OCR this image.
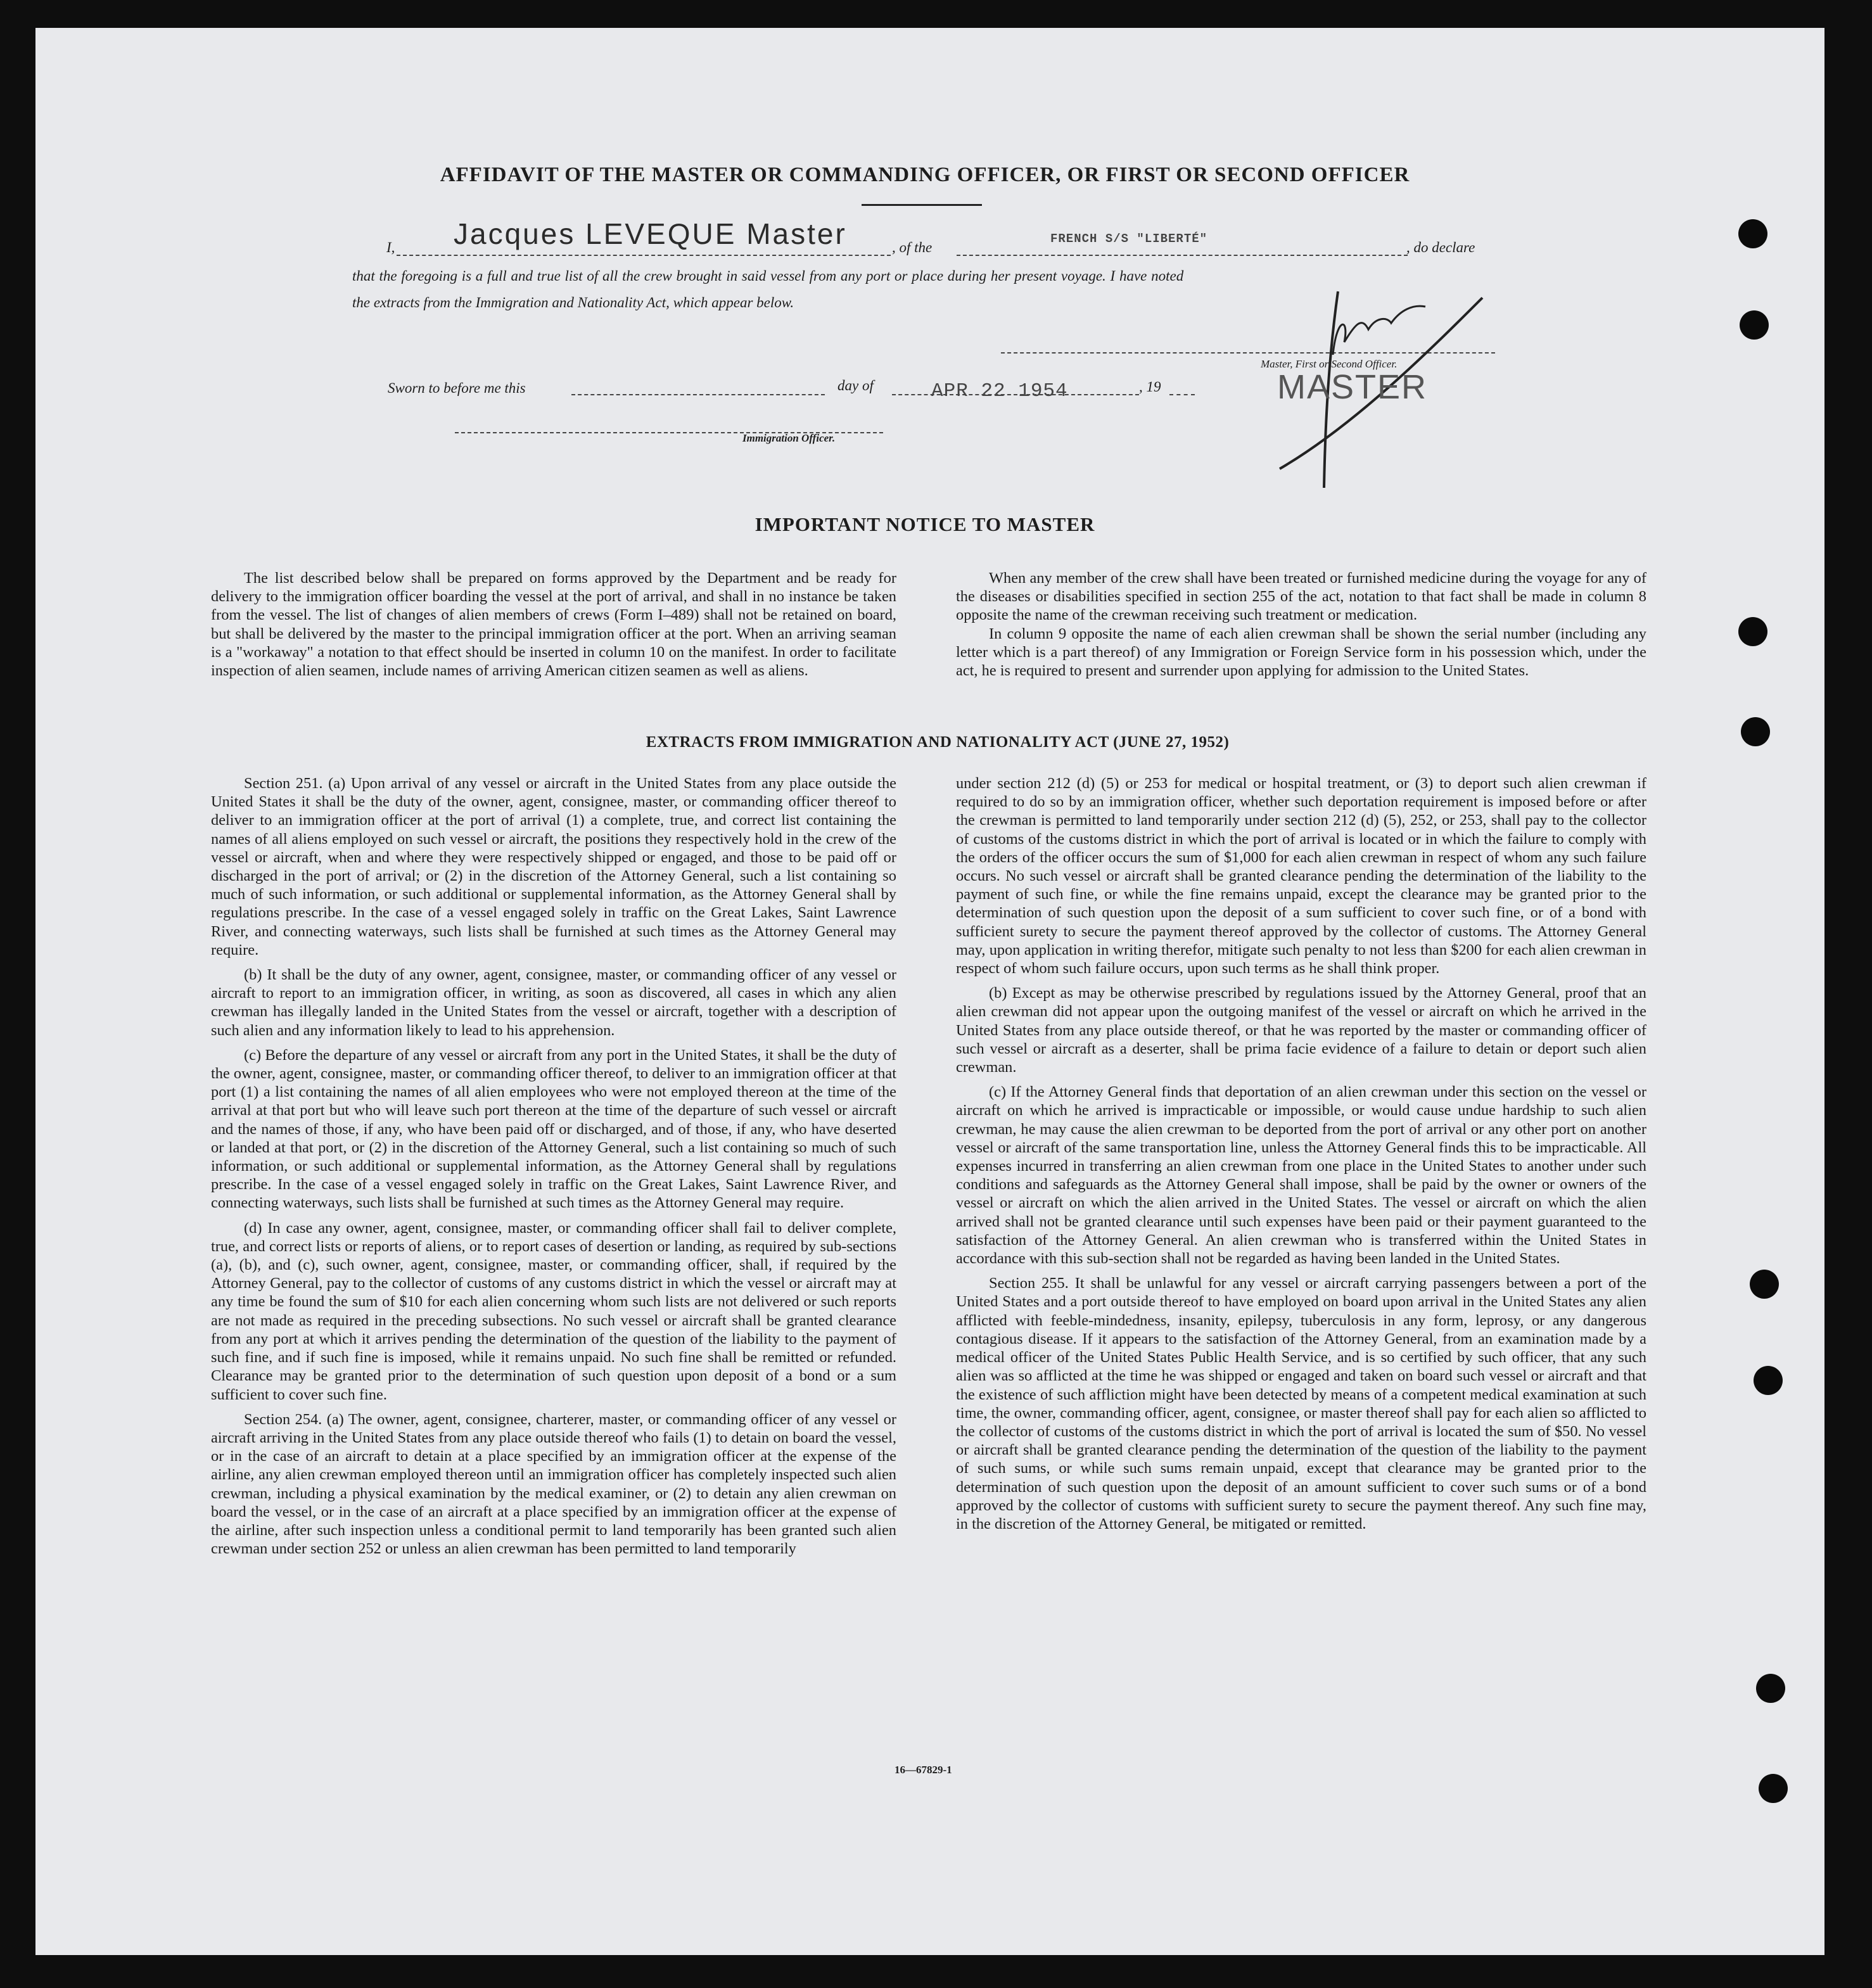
AFFIDAVIT OF THE MASTER OR COMMANDING OFFICER, OR FIRST OR SECOND OFFICER
I, Jacques LEVEQUE Master	, of the
FRENCH S/S "LIBERTÉ"
, do declare
that the foregoing is a full and true list of all the crew brought in said vessel from any port or place during her present voyage. I have noted
the extracts from the Immigration and Nationality Act, which appear below.
Master, First or Second Officer.
MASTER
Sworn to before me this	day of	APR 22 1954	, 19
Immigration Officer.
IMPORTANT NOTICE TO MASTER

The list described below shall be prepared on forms approved by the Department and be ready for delivery to the immigration officer boarding the vessel at the port of arrival, and shall in no instance be taken from the vessel. The list of changes of alien members of crews (Form I–489) shall not be retained on board, but shall be delivered by the master to the principal immigration officer at the port. When an arriving seaman is a "workaway" a notation to that effect should be inserted in column 10 on the manifest. In order to facilitate inspection of alien seamen, include names of arriving American citizen seamen as well as aliens.

When any member of the crew shall have been treated or furnished medicine during the voyage for any of the diseases or disabilities specified in section 255 of the act, notation to that fact shall be made in column 8 opposite the name of the crewman receiving such treatment or medication.

In column 9 opposite the name of each alien crewman shall be shown the serial number (including any letter which is a part thereof) of any Immigration or Foreign Service form in his possession which, under the act, he is required to present and surrender upon applying for admission to the United States.

EXTRACTS FROM IMMIGRATION AND NATIONALITY ACT (JUNE 27, 1952)

Section 251. (a) Upon arrival of any vessel or aircraft in the United States from any place outside the United States it shall be the duty of the owner, agent, consignee, master, or commanding officer thereof to deliver to an immigration officer at the port of arrival (1) a complete, true, and correct list containing the names of all aliens employed on such vessel or aircraft, the positions they respectively hold in the crew of the vessel or aircraft, when and where they were respectively shipped or engaged, and those to be paid off or discharged in the port of arrival; or (2) in the discretion of the Attorney General, such a list containing so much of such information, or such additional or supplemental information, as the Attorney General shall by regulations prescribe. In the case of a vessel engaged solely in traffic on the Great Lakes, Saint Lawrence River, and connecting waterways, such lists shall be furnished at such times as the Attorney General may require.

(b) It shall be the duty of any owner, agent, consignee, master, or commanding officer of any vessel or aircraft to report to an immigration officer, in writing, as soon as discovered, all cases in which any alien crewman has illegally landed in the United States from the vessel or aircraft, together with a description of such alien and any information likely to lead to his apprehension.

(c) Before the departure of any vessel or aircraft from any port in the United States, it shall be the duty of the owner, agent, consignee, master, or commanding officer thereof, to deliver to an immigration officer at that port (1) a list containing the names of all alien employees who were not employed thereon at the time of the arrival at that port but who will leave such port thereon at the time of the departure of such vessel or aircraft and the names of those, if any, who have been paid off or discharged, and of those, if any, who have deserted or landed at that port, or (2) in the discretion of the Attorney General, such a list containing so much of such information, or such additional or supplemental information, as the Attorney General shall by regulations prescribe. In the case of a vessel engaged solely in traffic on the Great Lakes, Saint Lawrence River, and connecting waterways, such lists shall be furnished at such times as the Attorney General may require.

(d) In case any owner, agent, consignee, master, or commanding officer shall fail to deliver complete, true, and correct lists or reports of aliens, or to report cases of desertion or landing, as required by sub-sections (a), (b), and (c), such owner, agent, consignee, master, or commanding officer, shall, if required by the Attorney General, pay to the collector of customs of any customs district in which the vessel or aircraft may at any time be found the sum of $10 for each alien concerning whom such lists are not delivered or such reports are not made as required in the preceding subsections. No such vessel or aircraft shall be granted clearance from any port at which it arrives pending the determination of the question of the liability to the payment of such fine, and if such fine is imposed, while it remains unpaid. No such fine shall be remitted or refunded. Clearance may be granted prior to the determination of such question upon deposit of a bond or a sum sufficient to cover such fine.

Section 254. (a) The owner, agent, consignee, charterer, master, or commanding officer of any vessel or aircraft arriving in the United States from any place outside thereof who fails (1) to detain on board the vessel, or in the case of an aircraft to detain at a place specified by an immigration officer at the expense of the airline, any alien crewman employed thereon until an immigration officer has completely inspected such alien crewman, including a physical examination by the medical examiner, or (2) to detain any alien crewman on board the vessel, or in the case of an aircraft at a place specified by an immigration officer at the expense of the airline, after such inspection unless a conditional permit to land temporarily has been granted such alien crewman under section 252 or unless an alien crewman has been permitted to land temporarily

under section 212 (d) (5) or 253 for medical or hospital treatment, or (3) to deport such alien crewman if required to do so by an immigration officer, whether such deportation requirement is imposed before or after the crewman is permitted to land temporarily under section 212 (d) (5), 252, or 253, shall pay to the collector of customs of the customs district in which the port of arrival is located or in which the failure to comply with the orders of the officer occurs the sum of $1,000 for each alien crewman in respect of whom any such failure occurs. No such vessel or aircraft shall be granted clearance pending the determination of the liability to the payment of such fine, or while the fine remains unpaid, except the clearance may be granted prior to the determination of such question upon the deposit of a sum sufficient to cover such fine, or of a bond with sufficient surety to secure the payment thereof approved by the collector of customs. The Attorney General may, upon application in writing therefor, mitigate such penalty to not less than $200 for each alien crewman in respect of whom such failure occurs, upon such terms as he shall think proper.

(b) Except as may be otherwise prescribed by regulations issued by the Attorney General, proof that an alien crewman did not appear upon the outgoing manifest of the vessel or aircraft on which he arrived in the United States from any place outside thereof, or that he was reported by the master or commanding officer of such vessel or aircraft as a deserter, shall be prima facie evidence of a failure to detain or deport such alien crewman.

(c) If the Attorney General finds that deportation of an alien crewman under this section on the vessel or aircraft on which he arrived is impracticable or impossible, or would cause undue hardship to such alien crewman, he may cause the alien crewman to be deported from the port of arrival or any other port on another vessel or aircraft of the same transportation line, unless the Attorney General finds this to be impracticable. All expenses incurred in transferring an alien crewman from one place in the United States to another under such conditions and safeguards as the Attorney General shall impose, shall be paid by the owner or owners of the vessel or aircraft on which the alien arrived in the United States. The vessel or aircraft on which the alien arrived shall not be granted clearance until such expenses have been paid or their payment guaranteed to the satisfaction of the Attorney General. An alien crewman who is transferred within the United States in accordance with this sub-section shall not be regarded as having been landed in the United States.

Section 255. It shall be unlawful for any vessel or aircraft carrying passengers between a port of the United States and a port outside thereof to have employed on board upon arrival in the United States any alien afflicted with feeble-mindedness, insanity, epilepsy, tuberculosis in any form, leprosy, or any dangerous contagious disease. If it appears to the satisfaction of the Attorney General, from an examination made by a medical officer of the United States Public Health Service, and is so certified by such officer, that any such alien was so afflicted at the time he was shipped or engaged and taken on board such vessel or aircraft and that the existence of such affliction might have been detected by means of a competent medical examination at such time, the owner, commanding officer, agent, consignee, or master thereof shall pay for each alien so afflicted to the collector of customs of the customs district in which the port of arrival is located the sum of $50. No vessel or aircraft shall be granted clearance pending the determination of the question of the liability to the payment of such sums, or while such sums remain unpaid, except that clearance may be granted prior to the determination of such question upon the deposit of an amount sufficient to cover such sums or of a bond approved by the collector of customs with sufficient surety to secure the payment thereof. Any such fine may, in the discretion of the Attorney General, be mitigated or remitted.

16—67829-1
